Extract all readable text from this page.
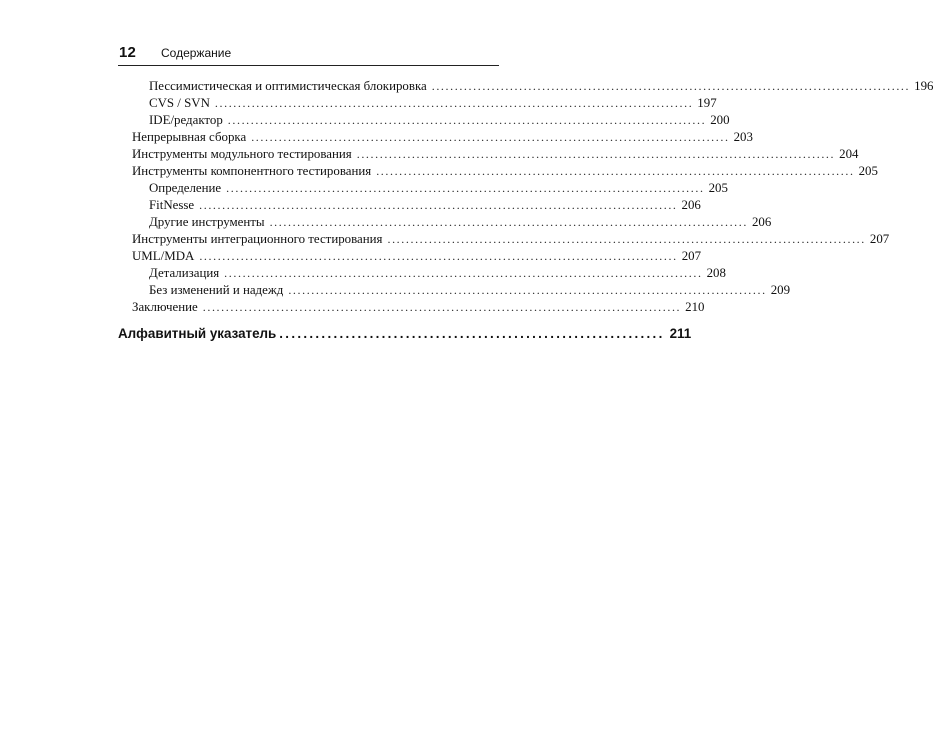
12 Содержание
Пессимистическая и оптимистическая блокировка ........................................................................................................ 196
CVS / SVN ........................................................................................................ 197
IDE/редактор ........................................................................................................ 200
Непрерывная сборка ........................................................................................................ 203
Инструменты модульного тестирования ........................................................................................................ 204
Инструменты компонентного тестирования ........................................................................................................ 205
Определение ........................................................................................................ 205
FitNesse ........................................................................................................ 206
Другие инструменты ........................................................................................................ 206
Инструменты интеграционного тестирования ........................................................................................................ 207
UML/MDA ........................................................................................................ 207
Детализация ........................................................................................................ 208
Без изменений и надежд ........................................................................................................ 209
Заключение ........................................................................................................ 210
Алфавитный указатель ................................................................ 211
